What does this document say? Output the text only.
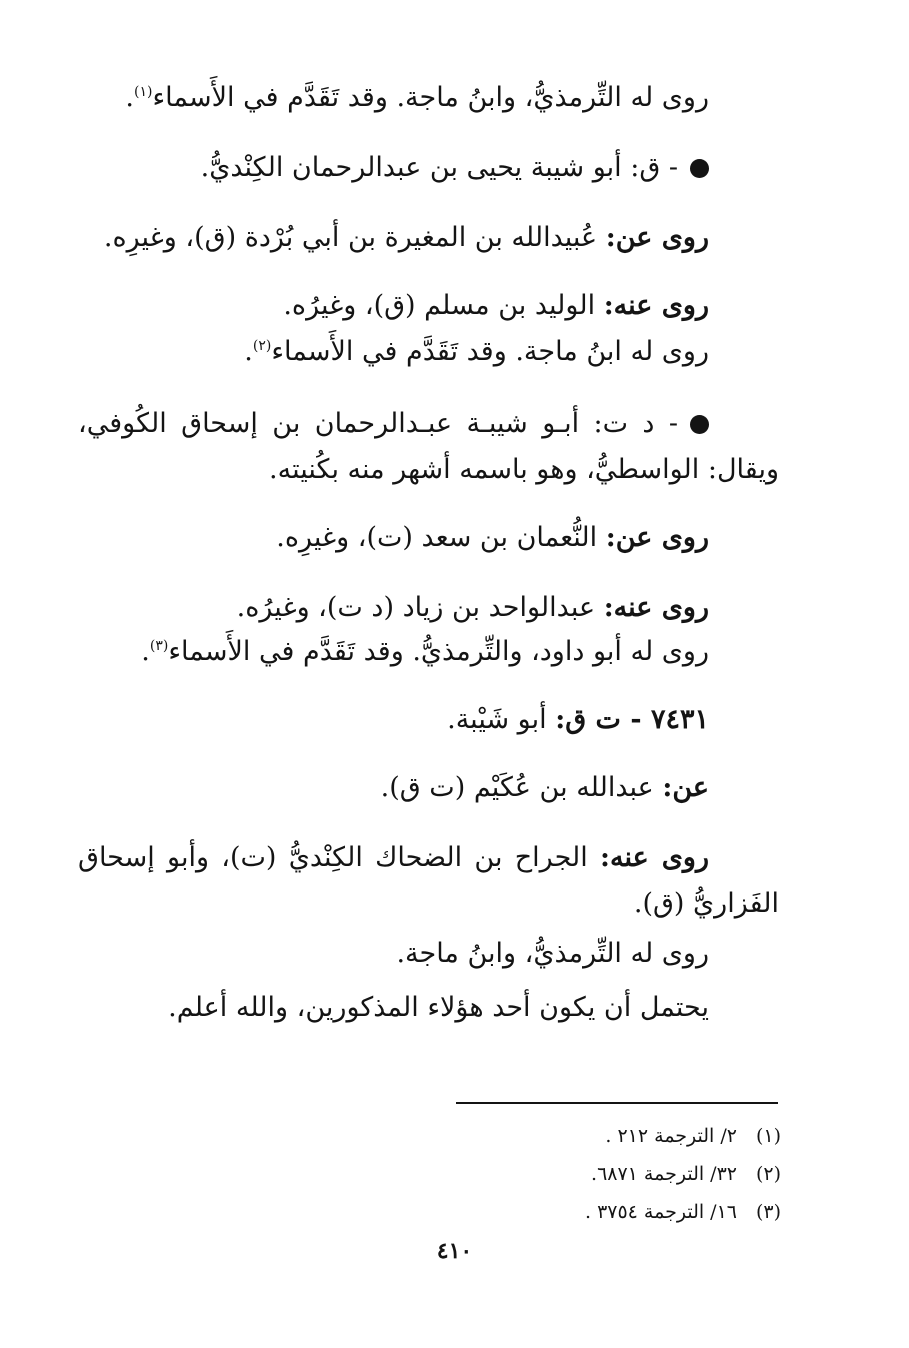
روى له التِّرمذيُّ، وابنُ ماجة. وقد تَقَدَّم في الأَسماء$^{(١)}$.
- ق: أبو شيبة يحيى بن عبدالرحمان الكِنْديُّ.
روى عن: عُبيدالله بن المغيرة بن أبي بُرْدة (ق)، وغيرِه.
روى عنه: الوليد بن مسلم (ق)، وغيرُه.
روى له ابنُ ماجة. وقد تَقَدَّم في الأَسماء$^{(٢)}$.
- د ت: أبـو شيبـة عبـدالرحمان بن إسحاق الكُوفي،
ويقال: الواسطيُّ، وهو باسمه أشهر منه بكُنيته.
روى عن: النُّعمان بن سعد (ت)، وغيرِه.
روى عنه: عبدالواحد بن زياد (د ت)، وغيرُه.
روى له أبو داود، والتِّرمذيُّ. وقد تَقَدَّم في الأَسماء$^{(٣)}$.
٧٤٣١ - ت ق: أبو شَيْبة.
عن: عبدالله بن عُكَيْم (ت ق).
روى عنه: الجراح بن الضحاك الكِنْديُّ (ت)، وأبو إسحاق
الفَزاريُّ (ق).
روى له التِّرمذيُّ، وابنُ ماجة.
يحتمل أن يكون أحد هؤلاء المذكورين، والله أعلم.
(١)٢/ الترجمة ٢١٢ .
(٢)٣٢/ الترجمة ٦٨٧١.
(٣)١٦/ الترجمة ٣٧٥٤ .
٤١٠
